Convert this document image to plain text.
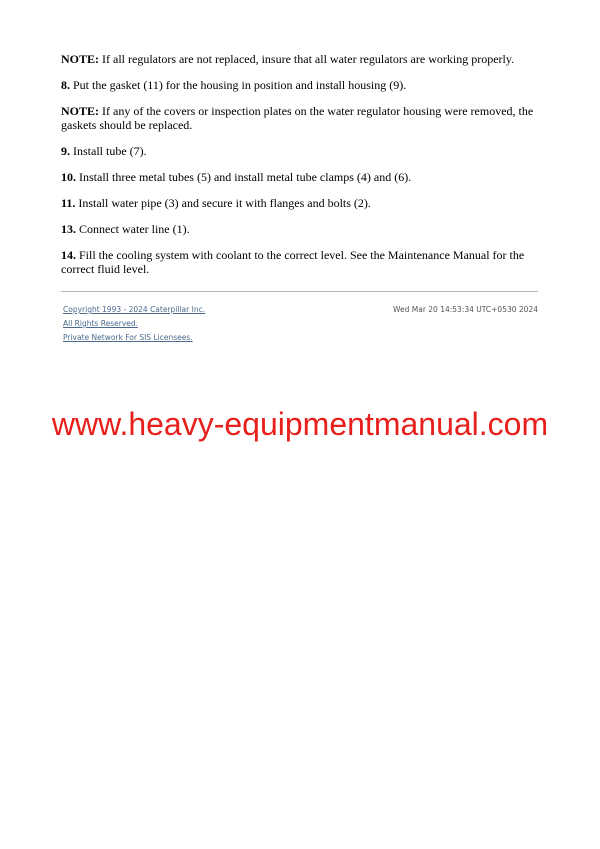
NOTE: If all regulators are not replaced, insure that all water regulators are working properly.

8. Put the gasket (11) for the housing in position and install housing (9).

NOTE: If any of the covers or inspection plates on the water regulator housing were removed, the gaskets should be replaced.

9. Install tube (7).

10. Install three metal tubes (5) and install metal tube clamps (4) and (6).

11. Install water pipe (3) and secure it with flanges and bolts (2).

13. Connect water line (1).

14. Fill the cooling system with coolant to the correct level. See the Maintenance Manual for the correct fluid level.

Copyright 1993 - 2024 Caterpillar Inc.
All Rights Reserved.
Private Network For SIS Licensees.
Wed Mar 20 14:53:34 UTC+0530 2024
www.heavy-equipmentmanual.com
